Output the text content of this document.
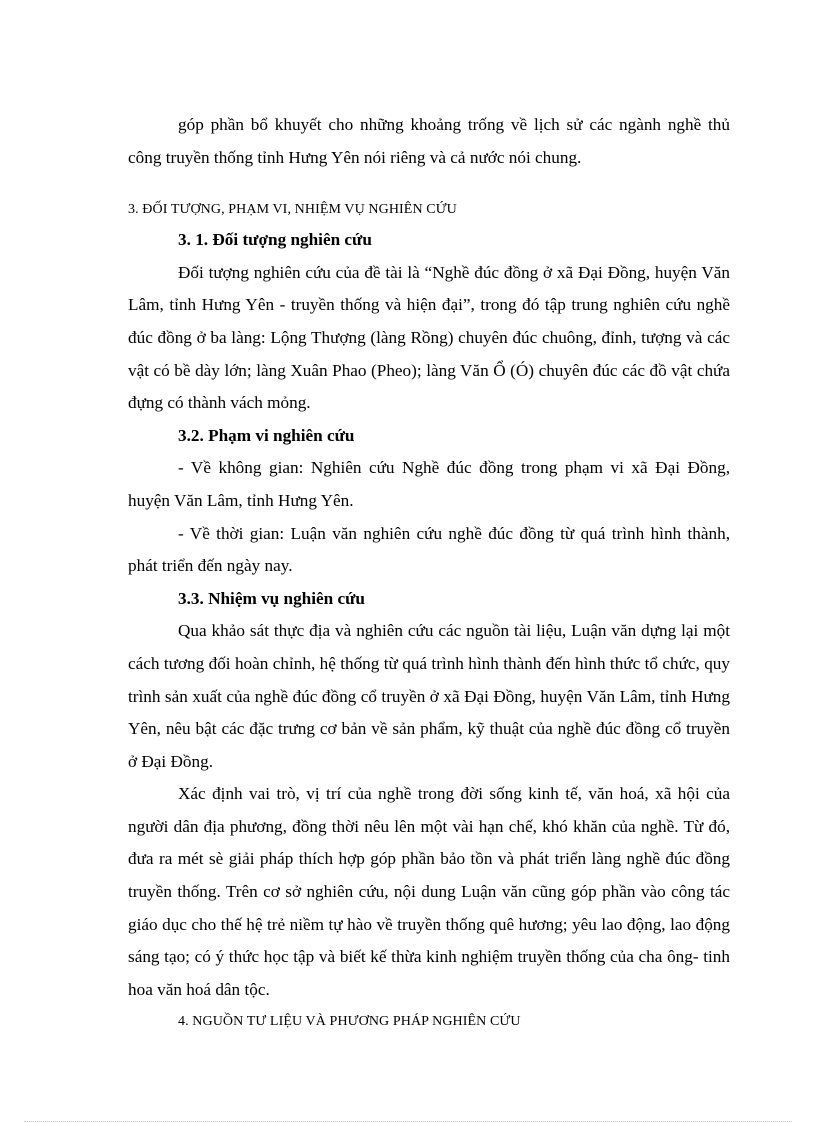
góp phần bổ khuyết cho những khoảng trống về lịch sử các ngành nghề thủ công truyền thống tỉnh Hưng Yên nói riêng và cả nước nói chung.

3. ĐỐI TƯỢNG, PHẠM VI, NHIỆM VỤ NGHIÊN CỨU

3. 1. Đối tượng nghiên cứu

Đối tượng nghiên cứu của đề tài là “Nghề đúc đồng ở xã Đại Đồng, huyện Văn Lâm, tỉnh Hưng Yên - truyền thống và hiện đại”, trong đó tập trung nghiên cứu nghề đúc đồng ở ba làng: Lộng Thượng (làng Rồng) chuyên đúc chuông, đỉnh, tượng và các vật có bề dày lớn; làng Xuân Phao (Pheo); làng Văn Ổ (Ó) chuyên đúc các đồ vật chứa đựng có thành vách mỏng.

3.2. Phạm vi nghiên cứu

- Về không gian: Nghiên cứu Nghề đúc đồng trong phạm vi xã Đại Đồng, huyện Văn Lâm, tỉnh Hưng Yên.

- Về thời gian: Luận văn nghiên cứu nghề đúc đồng từ quá trình hình thành, phát triển đến ngày nay.

3.3. Nhiệm vụ nghiên cứu

Qua khảo sát thực địa và nghiên cứu các nguồn tài liệu, Luận văn dựng lại một cách tương đối hoàn chỉnh, hệ thống từ quá trình hình thành đến hình thức tổ chức, quy trình sản xuất của nghề đúc đồng cổ truyền ở xã Đại Đồng, huyện Văn Lâm, tỉnh Hưng Yên, nêu bật các đặc trưng cơ bản về sản phẩm, kỹ thuật của nghề đúc đồng cổ truyền ở Đại Đồng.

Xác định vai trò, vị trí của nghề trong đời sống kinh tế, văn hoá, xã hội của người dân địa phương, đồng thời nêu lên một vài hạn chế, khó khăn của nghề. Từ đó, đưa ra mét sè giải pháp thích hợp góp phần bảo tồn và phát triển làng nghề đúc đồng truyền thống. Trên cơ sở nghiên cứu, nội dung Luận văn cũng góp phần vào công tác giáo dục cho thế hệ trẻ niềm tự hào về truyền thống quê hương; yêu lao động, lao động sáng tạo; có ý thức học tập và biết kế thừa kinh nghiệm truyền thống của cha ông- tinh hoa văn hoá dân tộc.

4. NGUỒN TƯ LIỆU VÀ PHƯƠNG PHÁP NGHIÊN CỨU
